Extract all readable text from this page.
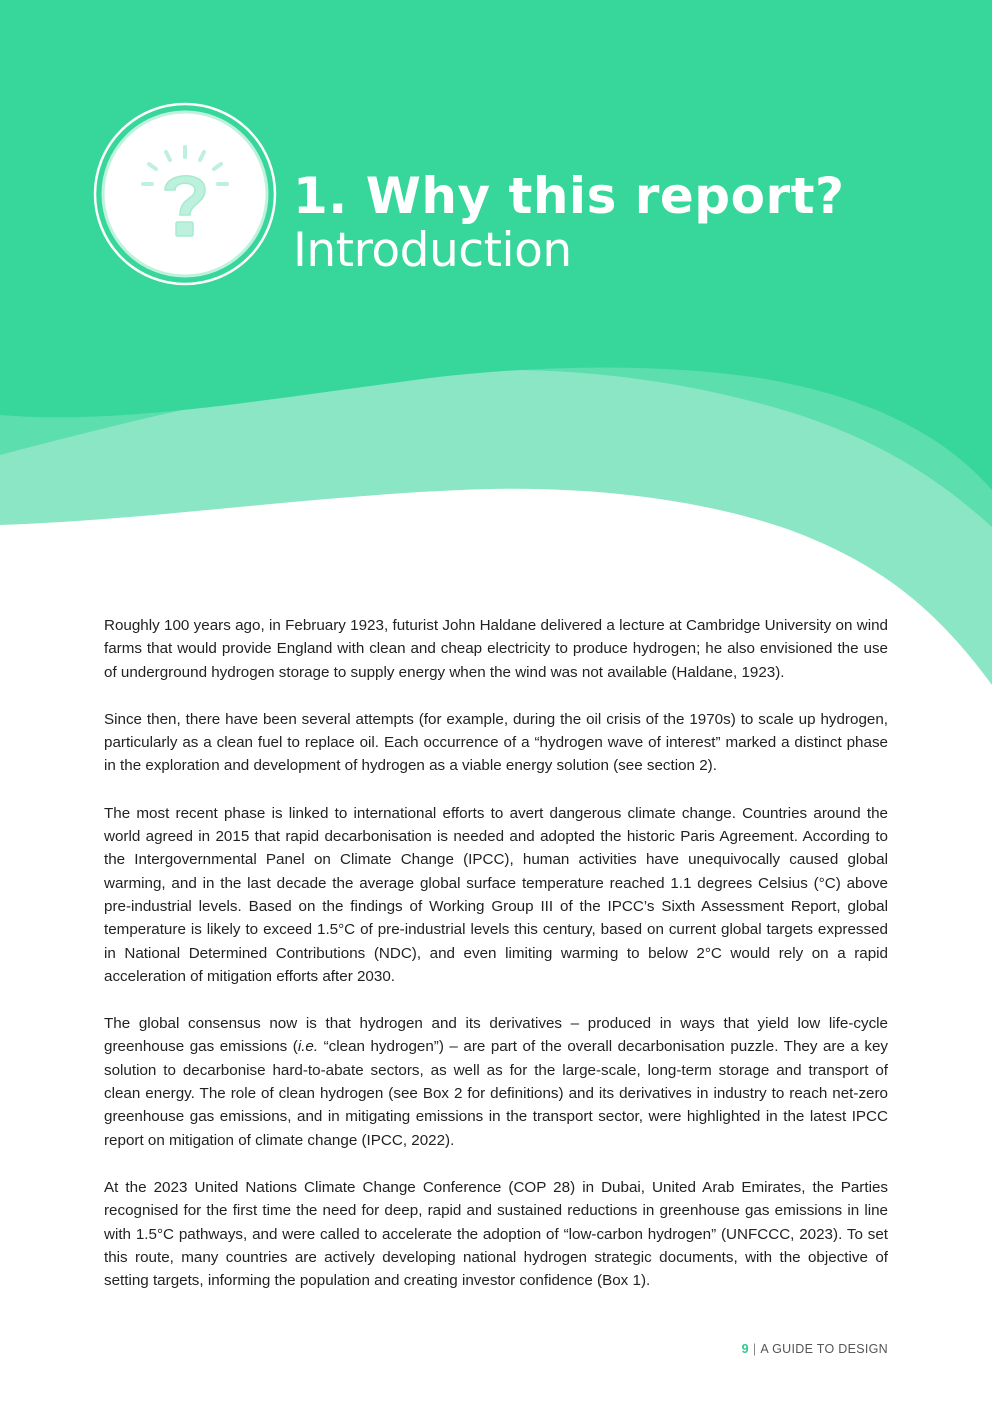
1. Why this report?
Introduction

Roughly 100 years ago, in February 1923, futurist John Haldane delivered a lecture at Cambridge University on wind farms that would provide England with clean and cheap electricity to produce hydrogen; he also envisioned the use of underground hydrogen storage to supply energy when the wind was not available (Haldane, 1923).

Since then, there have been several attempts (for example, during the oil crisis of the 1970s) to scale up hydrogen, particularly as a clean fuel to replace oil. Each occurrence of a “hydrogen wave of interest” marked a distinct phase in the exploration and development of hydrogen as a viable energy solution (see section 2).

The most recent phase is linked to international efforts to avert dangerous climate change. Countries around the world agreed in 2015 that rapid decarbonisation is needed and adopted the historic Paris Agreement. According to the Intergovernmental Panel on Climate Change (IPCC), human activities have unequivocally caused global warming, and in the last decade the average global surface temperature reached 1.1 degrees Celsius (°C) above pre-industrial levels. Based on the findings of Working Group III of the IPCC’s Sixth Assessment Report, global temperature is likely to exceed 1.5°C of pre-industrial levels this century, based on current global targets expressed in National Determined Contributions (NDC), and even limiting warming to below 2°C would rely on a rapid acceleration of mitigation efforts after 2030.

The global consensus now is that hydrogen and its derivatives – produced in ways that yield low life-cycle greenhouse gas emissions (i.e. “clean hydrogen”) – are part of the overall decarbonisation puzzle. They are a key solution to decarbonise hard-to-abate sectors, as well as for the large-scale, long-term storage and transport of clean energy. The role of clean hydrogen (see Box 2 for definitions) and its derivatives in industry to reach net-zero greenhouse gas emissions, and in mitigating emissions in the transport sector, were highlighted in the latest IPCC report on mitigation of climate change (IPCC, 2022).

At the 2023 United Nations Climate Change Conference (COP 28) in Dubai, United Arab Emirates, the Parties recognised for the first time the need for deep, rapid and sustained reductions in greenhouse gas emissions in line with 1.5°C pathways, and were called to accelerate the adoption of “low-carbon hydrogen” (UNFCCC, 2023). To set this route, many countries are actively developing national hydrogen strategic documents, with the objective of setting targets, informing the population and creating investor confidence (Box 1).

9 | A GUIDE TO DESIGN
